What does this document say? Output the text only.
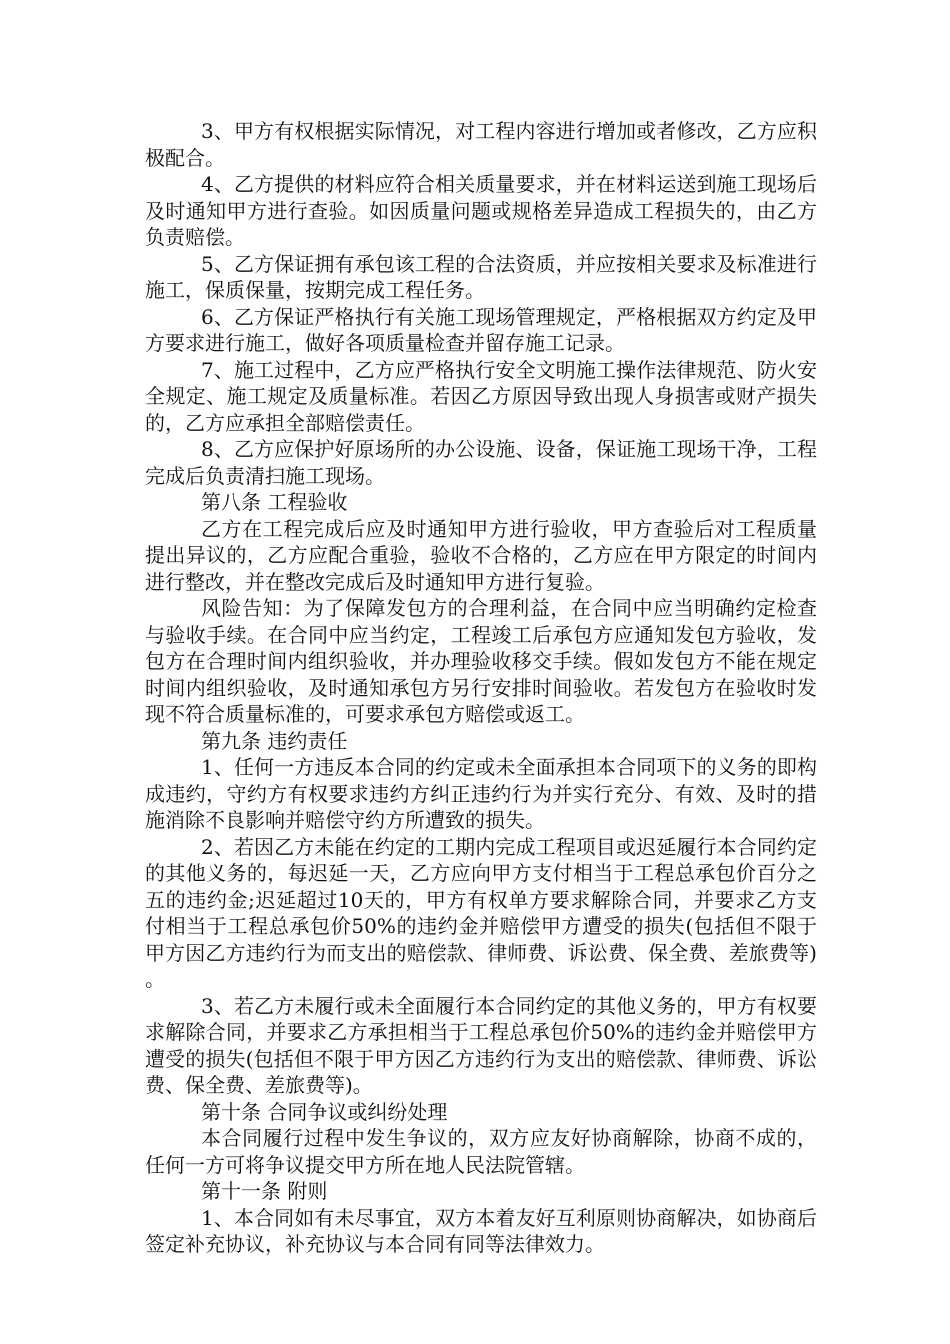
3、甲方有权根据实际情况，对工程内容进行增加或者修改，乙方应积极配合。

4、乙方提供的材料应符合相关质量要求，并在材料运送到施工现场后及时通知甲方进行查验。如因质量问题或规格差异造成工程损失的，由乙方负责赔偿。

5、乙方保证拥有承包该工程的合法资质，并应按相关要求及标准进行施工，保质保量，按期完成工程任务。

6、乙方保证严格执行有关施工现场管理规定，严格根据双方约定及甲方要求进行施工，做好各项质量检查并留存施工记录。

7、施工过程中，乙方应严格执行安全文明施工操作法律规范、防火安全规定、施工规定及质量标准。若因乙方原因导致出现人身损害或财产损失的，乙方应承担全部赔偿责任。

8、乙方应保护好原场所的办公设施、设备，保证施工现场干净，工程完成后负责清扫施工现场。

第八条 工程验收

乙方在工程完成后应及时通知甲方进行验收，甲方查验后对工程质量提出异议的，乙方应配合重验，验收不合格的，乙方应在甲方限定的时间内进行整改，并在整改完成后及时通知甲方进行复验。

风险告知：为了保障发包方的合理利益，在合同中应当明确约定检查与验收手续。在合同中应当约定，工程竣工后承包方应通知发包方验收，发包方在合理时间内组织验收，并办理验收移交手续。假如发包方不能在规定时间内组织验收，及时通知承包方另行安排时间验收。若发包方在验收时发现不符合质量标准的，可要求承包方赔偿或返工。

第九条 违约责任

1、任何一方违反本合同的约定或未全面承担本合同项下的义务的即构成违约，守约方有权要求违约方纠正违约行为并实行充分、有效、及时的措施消除不良影响并赔偿守约方所遭致的损失。

2、若因乙方未能在约定的工期内完成工程项目或迟延履行本合同约定的其他义务的，每迟延一天，乙方应向甲方支付相当于工程总承包价百分之五的违约金;迟延超过10天的，甲方有权单方要求解除合同，并要求乙方支付相当于工程总承包价50%的违约金并赔偿甲方遭受的损失(包括但不限于甲方因乙方违约行为而支出的赔偿款、律师费、诉讼费、保全费、差旅费等)。

3、若乙方未履行或未全面履行本合同约定的其他义务的，甲方有权要求解除合同，并要求乙方承担相当于工程总承包价50%的违约金并赔偿甲方遭受的损失(包括但不限于甲方因乙方违约行为支出的赔偿款、律师费、诉讼费、保全费、差旅费等)。

第十条 合同争议或纠纷处理

本合同履行过程中发生争议的，双方应友好协商解除，协商不成的，任何一方可将争议提交甲方所在地人民法院管辖。

第十一条 附则

1、本合同如有未尽事宜，双方本着友好互利原则协商解决，如协商后签定补充协议，补充协议与本合同有同等法律效力。
